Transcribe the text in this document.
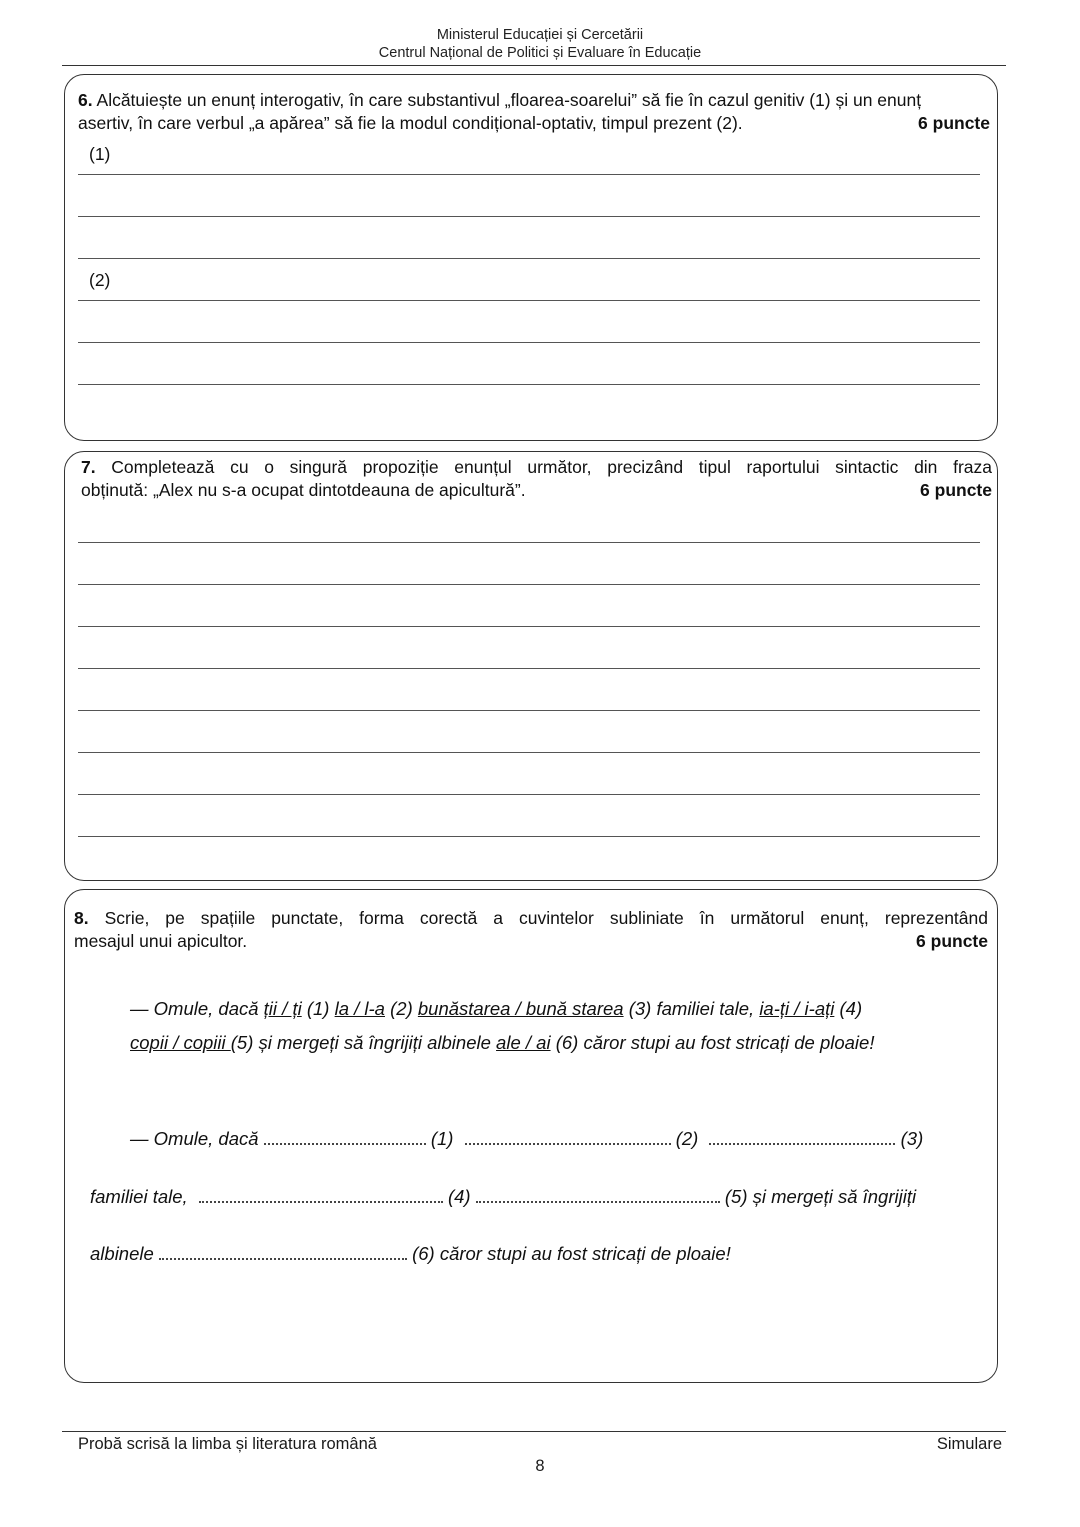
Ministerul Educației și Cercetării
Centrul Național de Politici și Evaluare în Educație
6. Alcătuiește un enunț interogativ, în care substantivul „floarea-soarelui” să fie în cazul genitiv (1) și un enunț
asertiv, în care verbul „a apărea” să fie la modul condițional-optativ, timpul prezent (2).	6 puncte
(1)
(2)
7. Completează cu o singură propoziție enunțul următor, precizând tipul raportului sintactic din fraza
obținută: „Alex nu s-a ocupat dintotdeauna de apicultură”.	6 puncte
8. Scrie, pe spațiile punctate, forma corectă a cuvintelor subliniate în următorul enunț, reprezentând
mesajul unui apicultor.	6 puncte
— Omule, dacă ții / ți (1) la / l-a (2) bunăstarea / bună starea (3) familiei tale, ia-ți / i-ați (4)
copii / copiii (5) și mergeți să îngrijiți albinele ale / ai (6) căror stupi au fost stricați de ploaie!
— Omule, dacă	(1)	(2)	(3)
familiei tale,	(4)	(5) și mergeți să îngrijiți
albinele	(6) căror stupi au fost stricați de ploaie!
Probă scrisă la limba și literatura română	Simulare
8
